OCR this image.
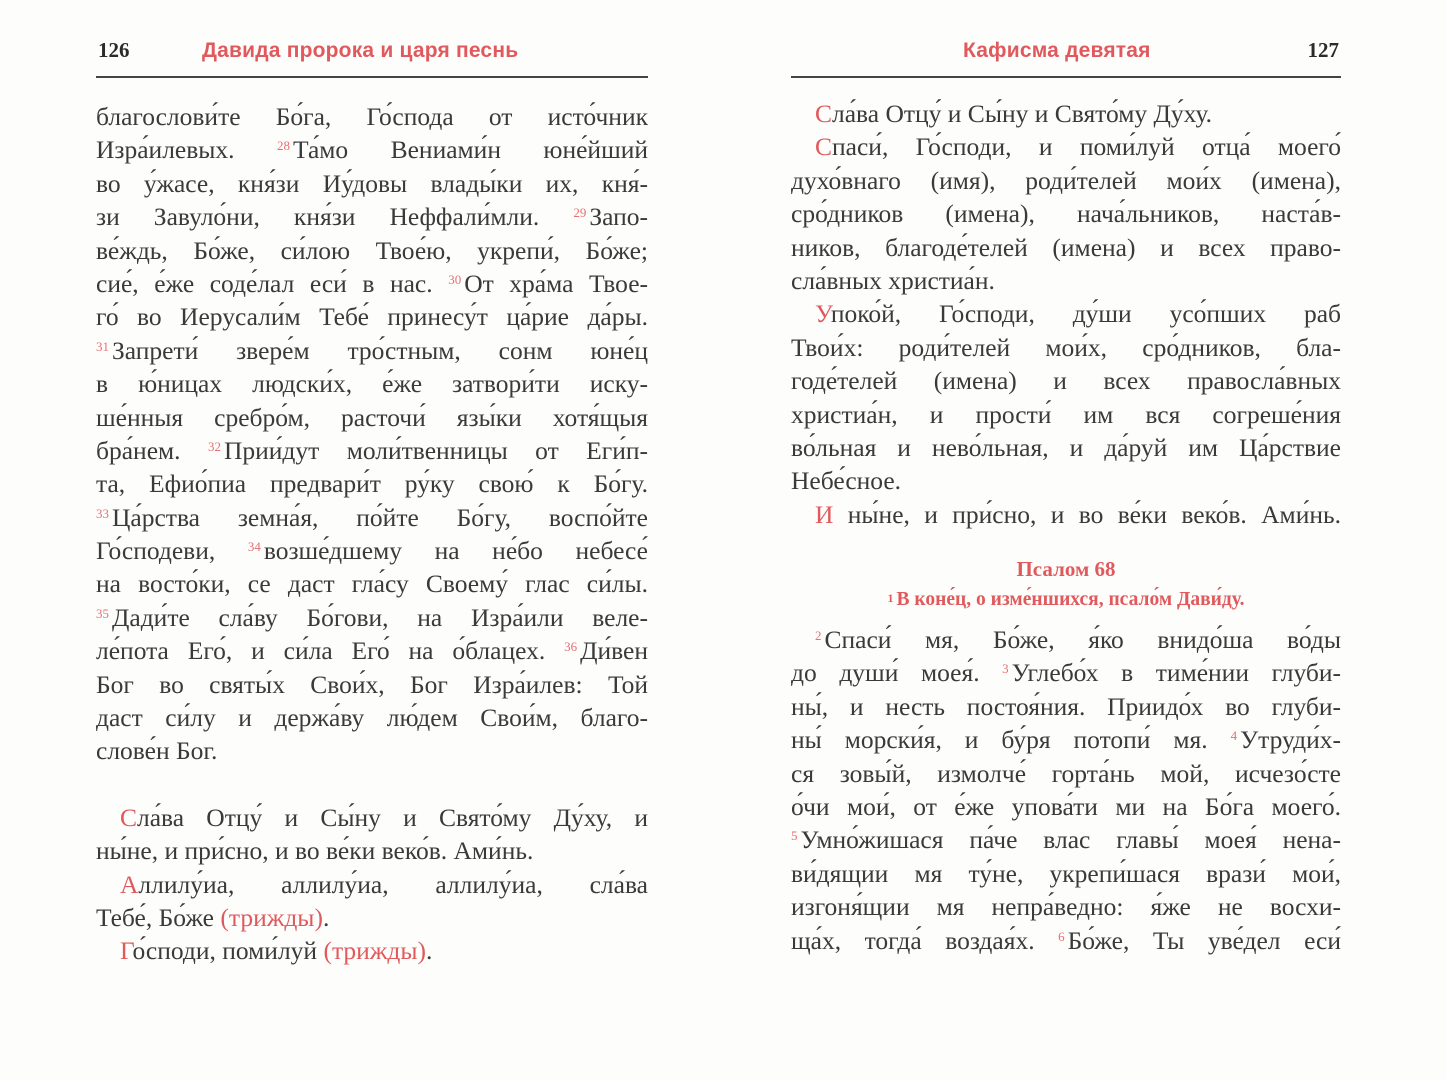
126	Давида пророка и царя песнь
благослови́те Бо́га, Го́спода от исто́чник
Изра́илевых. $^{28}$ Та́мо Вениами́н юне́йший
во у́жасе, кня́зи Иу́довы влады́ки их, кня́-
зи Завуло́ни, кня́зи Неффали́мли. $^{29}$ Запо-
ве́ждь, Бо́же, си́лою Твое́ю, укрепи́, Бо́же;
сие́, е́же соде́лал еси́ в нас. $^{30}$ От хра́ма Твое-
го́ во Иерусали́м Тебе́ принесу́т ца́рие да́ры.
$^{31}$ Запрети́ звере́м тро́стным, сонм юне́ц
в ю́ницах людски́х, е́же затвори́ти иску-
ше́нныя сребро́м, расточи́ язы́ки хотя́щыя
бра́нем. $^{32}$ Прии́дут моли́твенницы от Еги́п-
та, Ефио́пиа предвари́т ру́ку свою́ к Бо́гу.
$^{33}$ Ца́рства земна́я, по́йте Бо́гу, воспо́йте
Го́сподеви, $^{34}$ возше́дшему на не́бо небесе́
на восто́ки, се даст гла́су Своему́ глас си́лы.
$^{35}$ Дади́те сла́ву Бо́гови, на Изра́или веле-
ле́пота Его́, и си́ла Его́ на о́блацех. $^{36}$ Ди́вен
Бог во святы́х Свои́х, Бог Изра́илев: Той
даст си́лу и держа́ву лю́дем Свои́м, благо-
слове́н Бог.
Сла́ва Отцу́ и Сы́ну и Свято́му Ду́ху, и
ны́не, и при́сно, и во ве́ки веко́в. Ами́нь.
Аллилу́иа, аллилу́иа, аллилу́иа, сла́ва
Тебе́, Бо́же (трижды).
Го́споди, поми́луй (трижды).
Кафисма девятая	127
Сла́ва Отцу́ и Сы́ну и Свято́му Ду́ху.
Спаси́, Го́споди, и поми́луй отца́ моего́
духо́внаго (имя), роди́телей мои́х (имена),
сро́дников (имена), нача́льников, наста́в-
ников, благоде́телей (имена) и всех право-
сла́вных христиа́н.
Упоко́й, Го́споди, ду́ши усо́пших раб
Твои́х: роди́телей мои́х, сро́дников, бла-
годе́телей (имена) и всех правосла́вных
христиа́н, и прости́ им вся согреше́ния
во́льная и нево́льная, и да́руй им Ца́рствие
Небе́сное.
И ны́не, и при́сно, и во ве́ки веко́в. Ами́нь.
Псалом 68
$^1$ В коне́ц, о изме́ншихся, псало́м Дави́ду.
$^2$ Спаси́ мя, Бо́же, я́ко внидо́ша во́ды
до души́ моея́. $^3$ Углебо́х в тиме́нии глуби-
ны́, и несть постоя́ния. Приидо́х во глуби-
ны́ морски́я, и бу́ря потопи́ мя. $^4$ Утруди́х-
ся зовы́й, измолче́ горта́нь мой, исчезо́сте
о́чи мои́, от е́же упова́ти ми на Бо́га моего́.
$^5$ Умно́жишася па́че влас главы́ моея́ нена-
ви́дящии мя ту́не, укрепи́шася врази́ мои́,
изгоня́щии мя непра́ведно: я́же не восхи-
ща́х, тогда́ воздая́х. $^6$ Бо́же, Ты уве́дел еси́
